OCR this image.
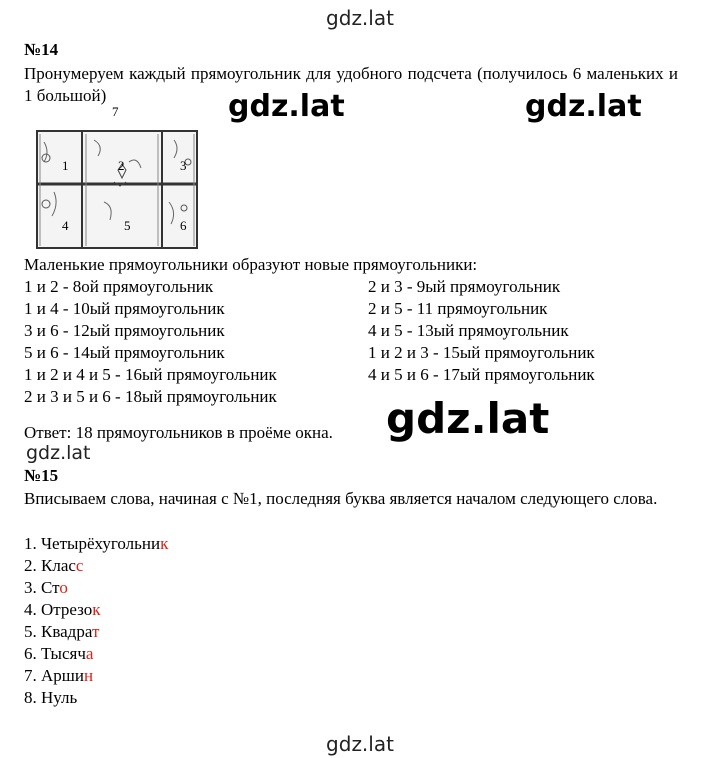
gdz.lat
№14
Пронумеруем каждый прямоугольник для удобного подсчета (получилось 6 маленьких и 1 большой)	gdz.lat	gdz.lat
7
1	2	3
4	5	6
Маленькие прямоугольники образуют новые прямоугольники:
1 и 2 - 8ой прямоугольник	2 и 3 - 9ый прямоугольник
1 и 4 - 10ый прямоугольник	2 и 5 - 11 прямоугольник
3 и 6 - 12ый прямоугольник	4 и 5 - 13ый прямоугольник
5 и 6 - 14ый прямоугольник	1 и 2 и 3 - 15ый прямоугольник
1 и 2 и 4 и 5 - 16ый прямоугольник	4 и 5 и 6 - 17ый прямоугольник
2 и 3 и 5 и 6 - 18ый прямоугольник
Ответ: 18 прямоугольников в проёме окна. gdz.lat
gdz.lat
№15
Вписываем слова, начиная с №1, последняя буква является началом следующего слова.
1. Четырёхугольник
2. Класс
3. Сто
4. Отрезок
5. Квадрат
6. Тысяча
7. Аршин
8. Нуль
gdz.lat
